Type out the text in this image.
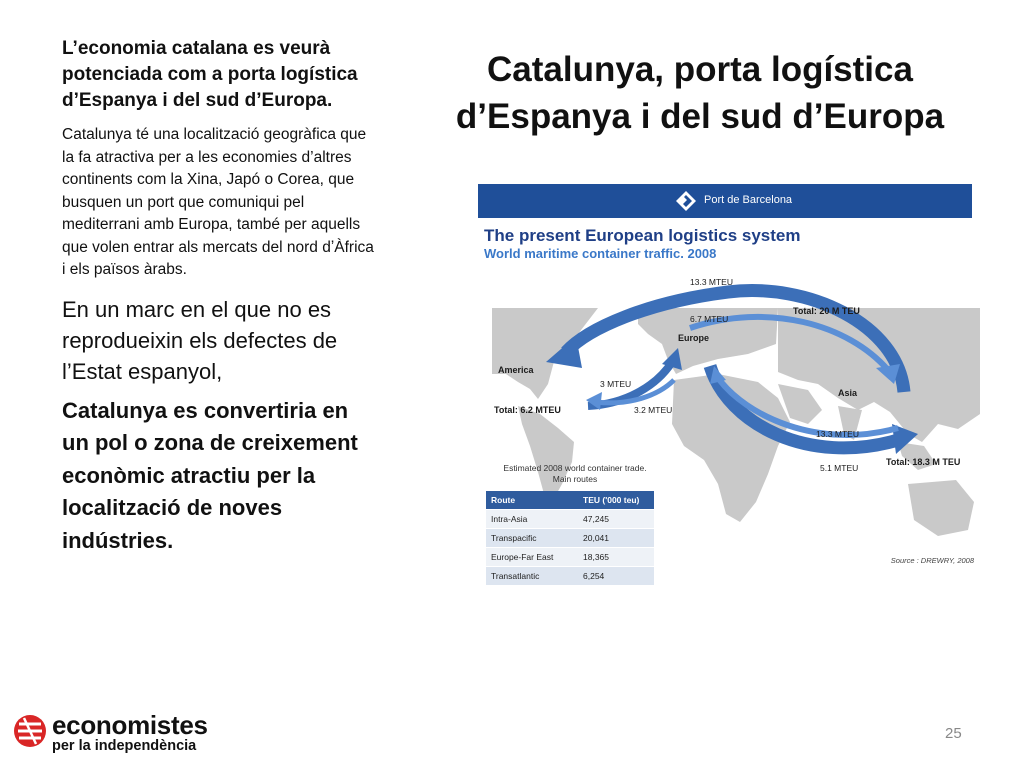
L’economia catalana es veurà potenciada com a porta logística d’Espanya i del sud d’Europa.

Catalunya té una localització geogràfica que la fa atractiva per a les economies d’altres continents com la Xina, Japó o Corea, que busquen un port que comuniqui pel mediterrani amb Europa, també per aquells que volen entrar als mercats del nord dʼÀfrica i els països àrabs.

En un marc en el que no es reprodueixin els defectes de l’Estat espanyol,

Catalunya es convertiria en un pol o zona de creixement econòmic atractiu per la localització de noves indústries.

Catalunya, porta logística d’Espanya i del sud d’Europa
Port de Barcelona
The present European logistics system
World maritime container traffic. 2008
13.3 MTEU
6.7 MTEU
Total: 20 M TEU
Europe
America
3 MTEU
3.2 MTEU
Total: 6.2 MTEU
Asia
13.3 MTEU
5.1 MTEU
Total: 18.3 M TEU
Estimated 2008 world container trade.
Main routes
Route	TEU ('000 teu)
Intra-Asia	47,245
Transpacific	20,041
Europe-Far East	18,365
Transatlantic	6,254
Source : DREWRY, 2008
economistes
per la independència
25
